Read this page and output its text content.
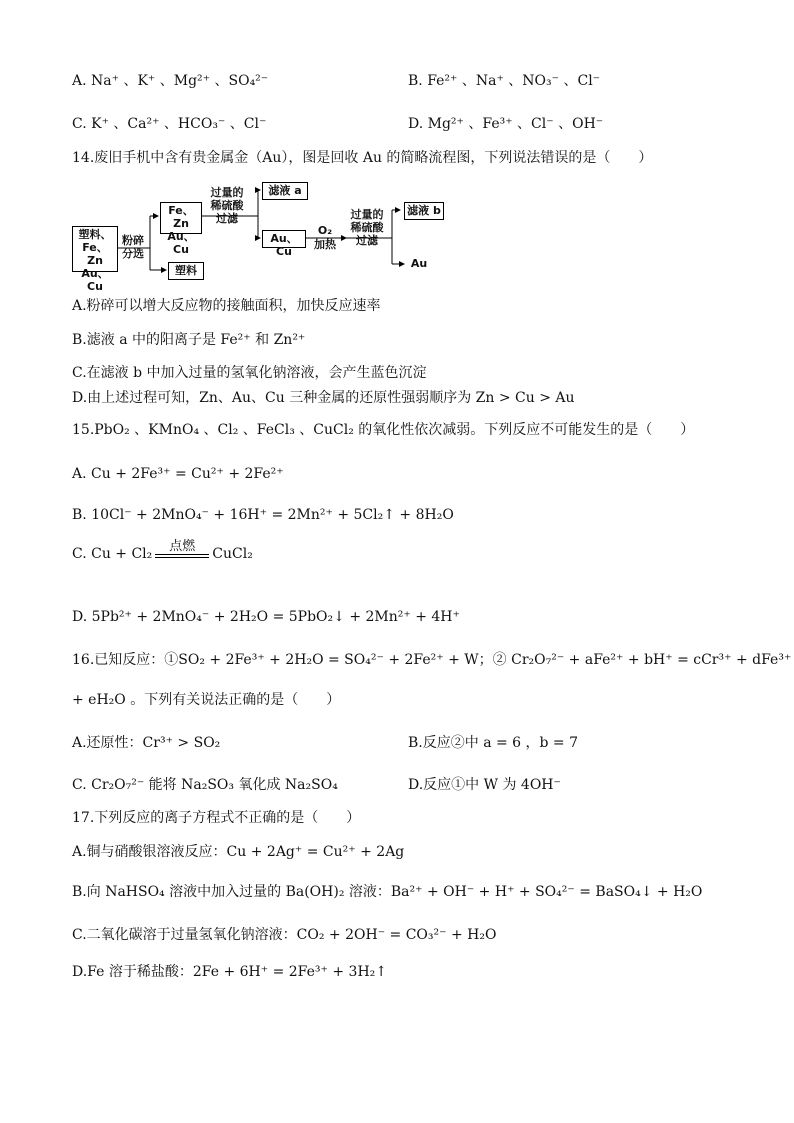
A. Na⁺ 、K⁺ 、Mg²⁺ 、SO₄²⁻	B. Fe²⁺ 、Na⁺ 、NO₃⁻ 、Cl⁻
C. K⁺ 、Ca²⁺ 、HCO₃⁻ 、Cl⁻	D. Mg²⁺ 、Fe³⁺ 、Cl⁻ 、OH⁻
14.废旧手机中含有贵金属金（Au），图是回收 Au 的简略流程图，下列说法错误的是（　　）
塑料、
Fe、Zn
Au、Cu
粉碎
分选
Fe、Zn
Au、Cu
塑料
过量的
稀硫酸
过滤
滤液 a
Au、Cu
O₂
加热
过量的
稀硫酸
过滤
滤液 b
Au
A.粉碎可以增大反应物的接触面积，加快反应速率
B.滤液 a 中的阳离子是 Fe²⁺ 和 Zn²⁺
C.在滤液 b 中加入过量的氢氧化钠溶液，会产生蓝色沉淀
D.由上述过程可知，Zn、Au、Cu 三种金属的还原性强弱顺序为 Zn > Cu > Au
15.PbO₂ 、KMnO₄ 、Cl₂ 、FeCl₃ 、CuCl₂ 的氧化性依次减弱。下列反应不可能发生的是（　　）
A. Cu + 2Fe³⁺ = Cu²⁺ + 2Fe²⁺
B. 10Cl⁻ + 2MnO₄⁻ + 16H⁺ = 2Mn²⁺ + 5Cl₂↑ + 8H₂O
C. Cu + Cl₂	点燃	CuCl₂
D. 5Pb²⁺ + 2MnO₄⁻ + 2H₂O = 5PbO₂↓ + 2Mn²⁺ + 4H⁺
16.已知反应：①SO₂ + 2Fe³⁺ + 2H₂O = SO₄²⁻ + 2Fe²⁺ + W；② Cr₂O₇²⁻ + aFe²⁺ + bH⁺ = cCr³⁺ + dFe³⁺
+ eH₂O 。下列有关说法正确的是（　　）
A.还原性：Cr³⁺ > SO₂	B.反应②中 a = 6 ，b = 7
C. Cr₂O₇²⁻ 能将 Na₂SO₃ 氧化成 Na₂SO₄	D.反应①中 W 为 4OH⁻
17.下列反应的离子方程式不正确的是（　　）
A.铜与硝酸银溶液反应：Cu + 2Ag⁺ = Cu²⁺ + 2Ag
B.向 NaHSO₄ 溶液中加入过量的 Ba(OH)₂ 溶液：Ba²⁺ + OH⁻ + H⁺ + SO₄²⁻ = BaSO₄↓ + H₂O
C.二氧化碳溶于过量氢氧化钠溶液：CO₂ + 2OH⁻ = CO₃²⁻ + H₂O
D.Fe 溶于稀盐酸：2Fe + 6H⁺ = 2Fe³⁺ + 3H₂↑
